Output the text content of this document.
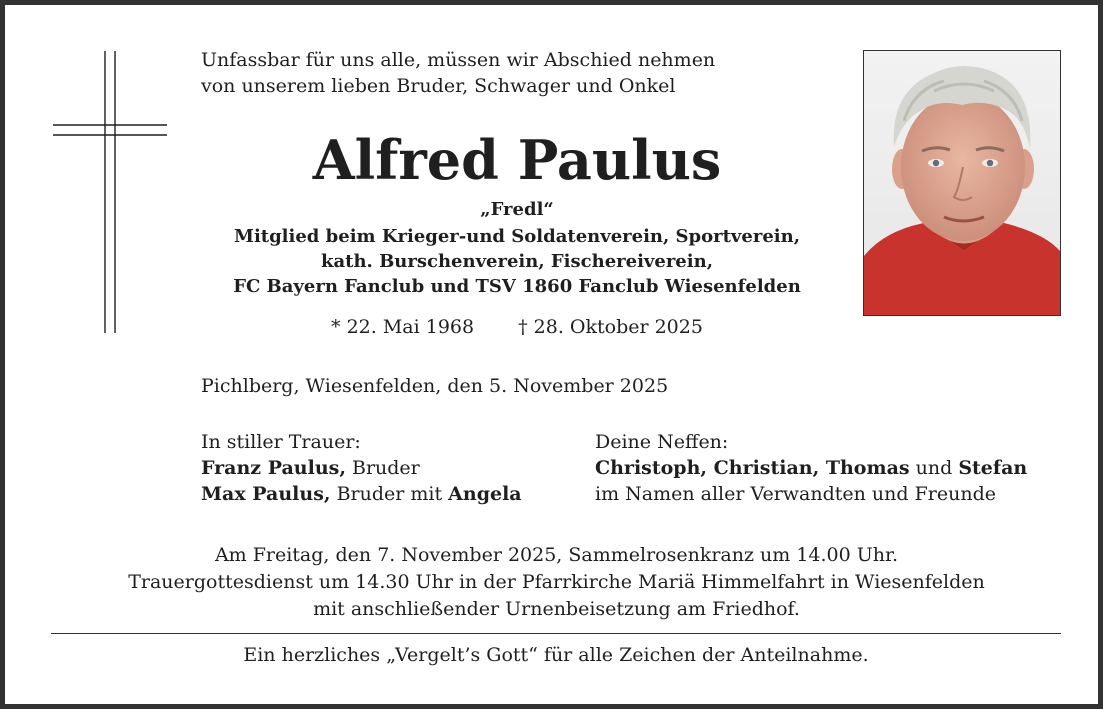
Unfassbar für uns alle, müssen wir Abschied nehmen
von unserem lieben Bruder, Schwager und Onkel
Alfred Paulus
„Fredl“
Mitglied beim Krieger-und Soldatenverein, Sportverein,
kath. Burschenverein, Fischereiverein,
FC Bayern Fanclub und TSV 1860 Fanclub Wiesenfelden
* 22. Mai 1968 † 28. Oktober 2025
Pichlberg, Wiesenfelden, den 5. November 2025
In stiller Trauer:
Franz Paulus, Bruder
Max Paulus, Bruder mit Angela
Deine Neffen:
Christoph, Christian, Thomas und Stefan
im Namen aller Verwandten und Freunde
Am Freitag, den 7. November 2025, Sammelrosenkranz um 14.00 Uhr.
Trauergottesdienst um 14.30 Uhr in der Pfarrkirche Mariä Himmelfahrt in Wiesenfelden
mit anschließender Urnenbeisetzung am Friedhof.
Ein herzliches „Vergelt’s Gott“ für alle Zeichen der Anteilnahme.
